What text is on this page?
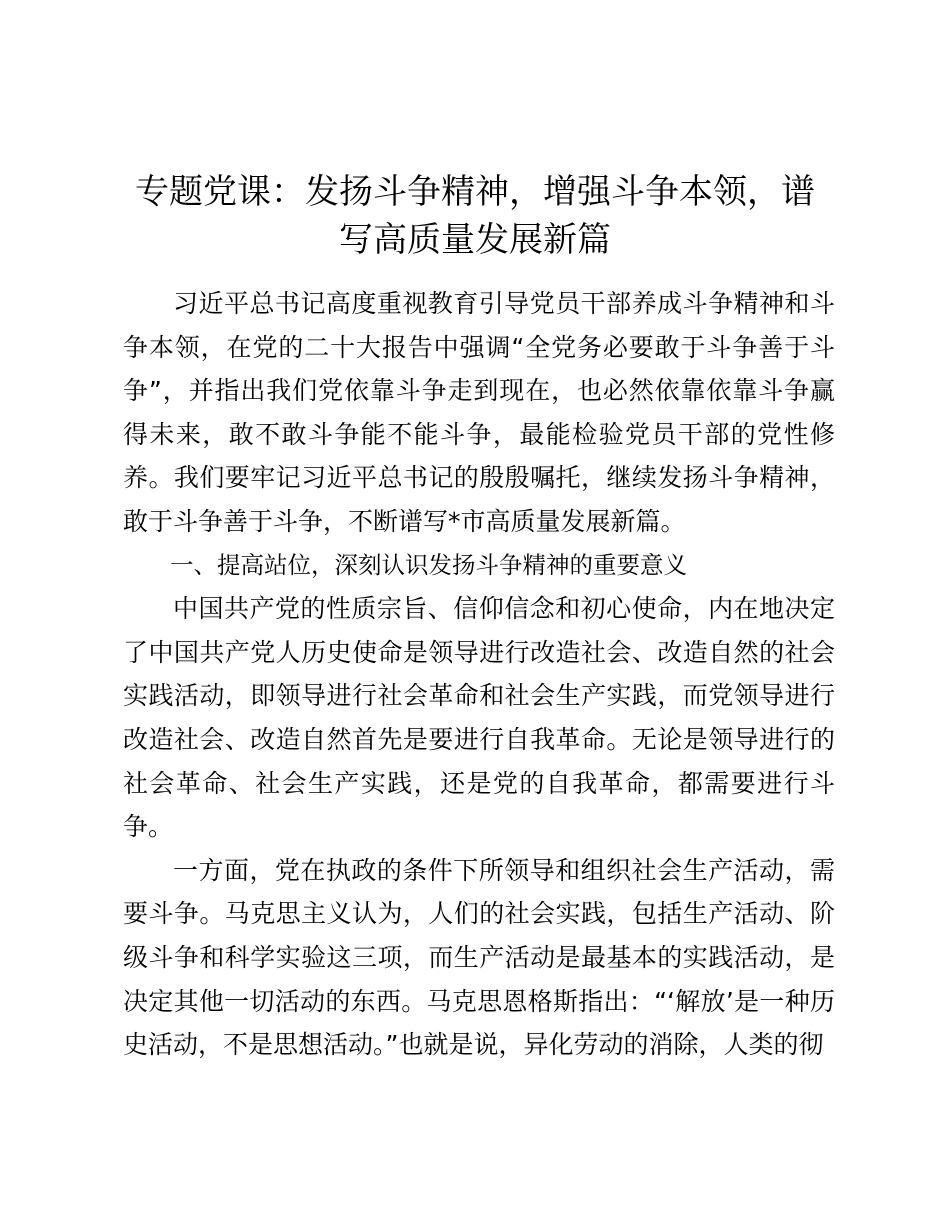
专题党课：发扬斗争精神，增强斗争本领，谱写高质量发展新篇

习近平总书记高度重视教育引导党员干部养成斗争精神和斗争本领，在党的二十大报告中强调“全党务必要敢于斗争善于斗争”，并指出我们党依靠斗争走到现在，也必然依靠依靠斗争赢得未来，敢不敢斗争能不能斗争，最能检验党员干部的党性修养。我们要牢记习近平总书记的殷殷嘱托，继续发扬斗争精神，敢于斗争善于斗争，不断谱写*市高质量发展新篇。

一、提高站位，深刻认识发扬斗争精神的重要意义

中国共产党的性质宗旨、信仰信念和初心使命，内在地决定了中国共产党人历史使命是领导进行改造社会、改造自然的社会实践活动，即领导进行社会革命和社会生产实践，而党领导进行改造社会、改造自然首先是要进行自我革命。无论是领导进行的社会革命、社会生产实践，还是党的自我革命，都需要进行斗争。

一方面，党在执政的条件下所领导和组织社会生产活动，需要斗争。马克思主义认为，人们的社会实践，包括生产活动、阶级斗争和科学实验这三项，而生产活动是最基本的实践活动，是决定其他一切活动的东西。马克思恩格斯指出：“‘解放’是一种历史活动，不是思想活动。”也就是说，异化劳动的消除，人类的彻
